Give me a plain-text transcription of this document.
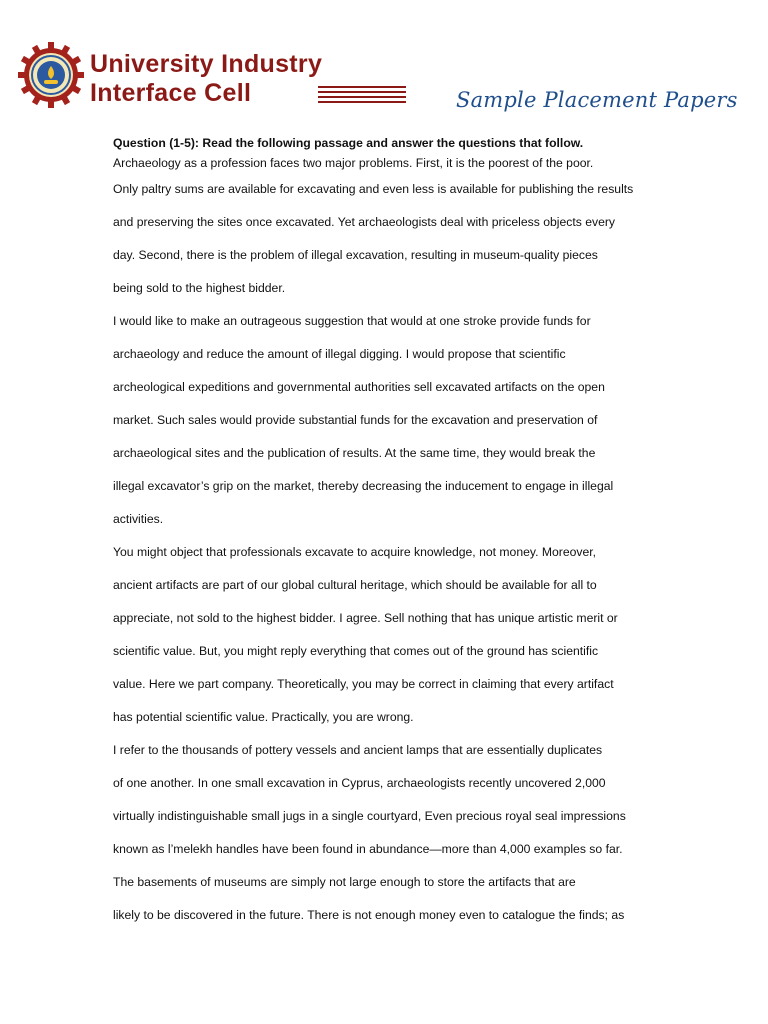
University Industry
Interface Cell	Sample Placement Papers
Question (1-5): Read the following passage and answer the questions that follow.
Archaeology as a profession faces two major problems. First, it is the poorest of the poor.
Only paltry sums are available for excavating and even less is available for publishing the results
and preserving the sites once excavated. Yet archaeologists deal with priceless objects every
day. Second, there is the problem of illegal excavation, resulting in museum-quality pieces
being sold to the highest bidder.
I would like to make an outrageous suggestion that would at one stroke provide funds for
archaeology and reduce the amount of illegal digging. I would propose that scientific
archeological expeditions and governmental authorities sell excavated artifacts on the open
market. Such sales would provide substantial funds for the excavation and preservation of
archaeological sites and the publication of results. At the same time, they would break the
illegal excavator’s grip on the market, thereby decreasing the inducement to engage in illegal
activities.
You might object that professionals excavate to acquire knowledge, not money. Moreover,
ancient artifacts are part of our global cultural heritage, which should be available for all to
appreciate, not sold to the highest bidder. I agree. Sell nothing that has unique artistic merit or
scientific value. But, you might reply everything that comes out of the ground has scientific
value. Here we part company. Theoretically, you may be correct in claiming that every artifact
has potential scientific value. Practically, you are wrong.
I refer to the thousands of pottery vessels and ancient lamps that are essentially duplicates
of one another. In one small excavation in Cyprus, archaeologists recently uncovered 2,000
virtually indistinguishable small jugs in a single courtyard, Even precious royal seal impressions
known as l’melekh handles have been found in abundance—more than 4,000 examples so far.
The basements of museums are simply not large enough to store the artifacts that are
likely to be discovered in the future. There is not enough money even to catalogue the finds; as
